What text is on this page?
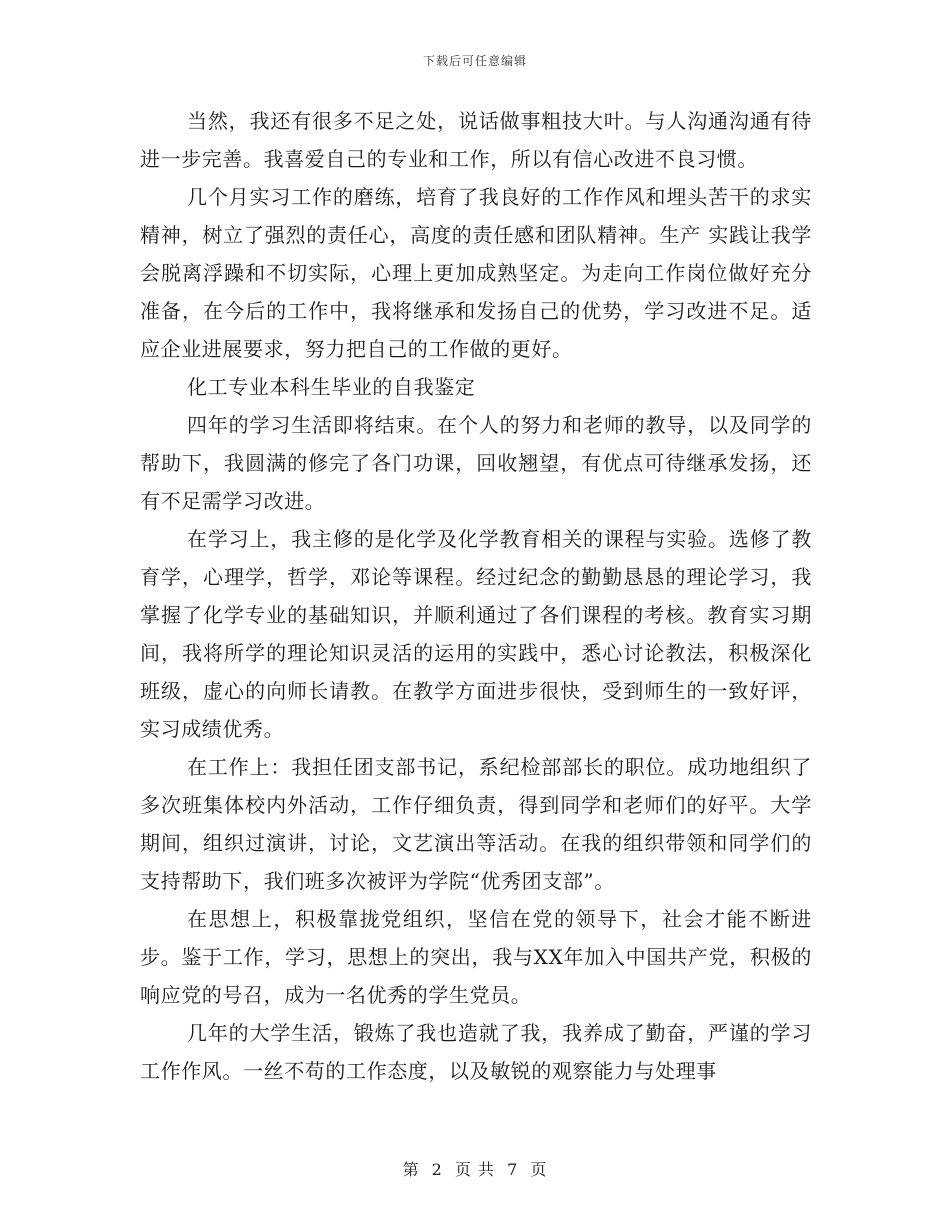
下载后可任意编辑

当然，我还有很多不足之处，说话做事粗技大叶。与人沟通沟通有待进一步完善。我喜爱自己的专业和工作，所以有信心改进不良习惯。

几个月实习工作的磨练，培育了我良好的工作作风和埋头苦干的求实精神，树立了强烈的责任心，高度的责任感和团队精神。生产 实践让我学会脱离浮躁和不切实际，心理上更加成熟坚定。为走向工作岗位做好充分准备，在今后的工作中，我将继承和发扬自己的优势，学习改进不足。适应企业进展要求，努力把自己的工作做的更好。

化工专业本科生毕业的自我鉴定

四年的学习生活即将结束。在个人的努力和老师的教导，以及同学的帮助下，我圆满的修完了各门功课，回收翘望，有优点可待继承发扬，还有不足需学习改进。

在学习上，我主修的是化学及化学教育相关的课程与实验。选修了教育学，心理学，哲学，邓论等课程。经过纪念的勤勤恳恳的理论学习，我掌握了化学专业的基础知识，并顺利通过了各们课程的考核。教育实习期间，我将所学的理论知识灵活的运用的实践中，悉心讨论教法，积极深化班级，虚心的向师长请教。在教学方面进步很快，受到师生的一致好评，实习成绩优秀。

在工作上：我担任团支部书记，系纪检部部长的职位。成功地组织了多次班集体校内外活动，工作仔细负责，得到同学和老师们的好平。大学期间，组织过演讲，讨论，文艺演出等活动。在我的组织带领和同学们的支持帮助下，我们班多次被评为学院“优秀团支部”。

在思想上，积极靠拢党组织，坚信在党的领导下，社会才能不断进步。鉴于工作，学习，思想上的突出，我与XX年加入中国共产党，积极的响应党的号召，成为一名优秀的学生党员。

几年的大学生活，锻炼了我也造就了我，我养成了勤奋，严谨的学习工作作风。一丝不苟的工作态度，以及敏锐的观察能力与处理事

第 2 页 共 7 页
